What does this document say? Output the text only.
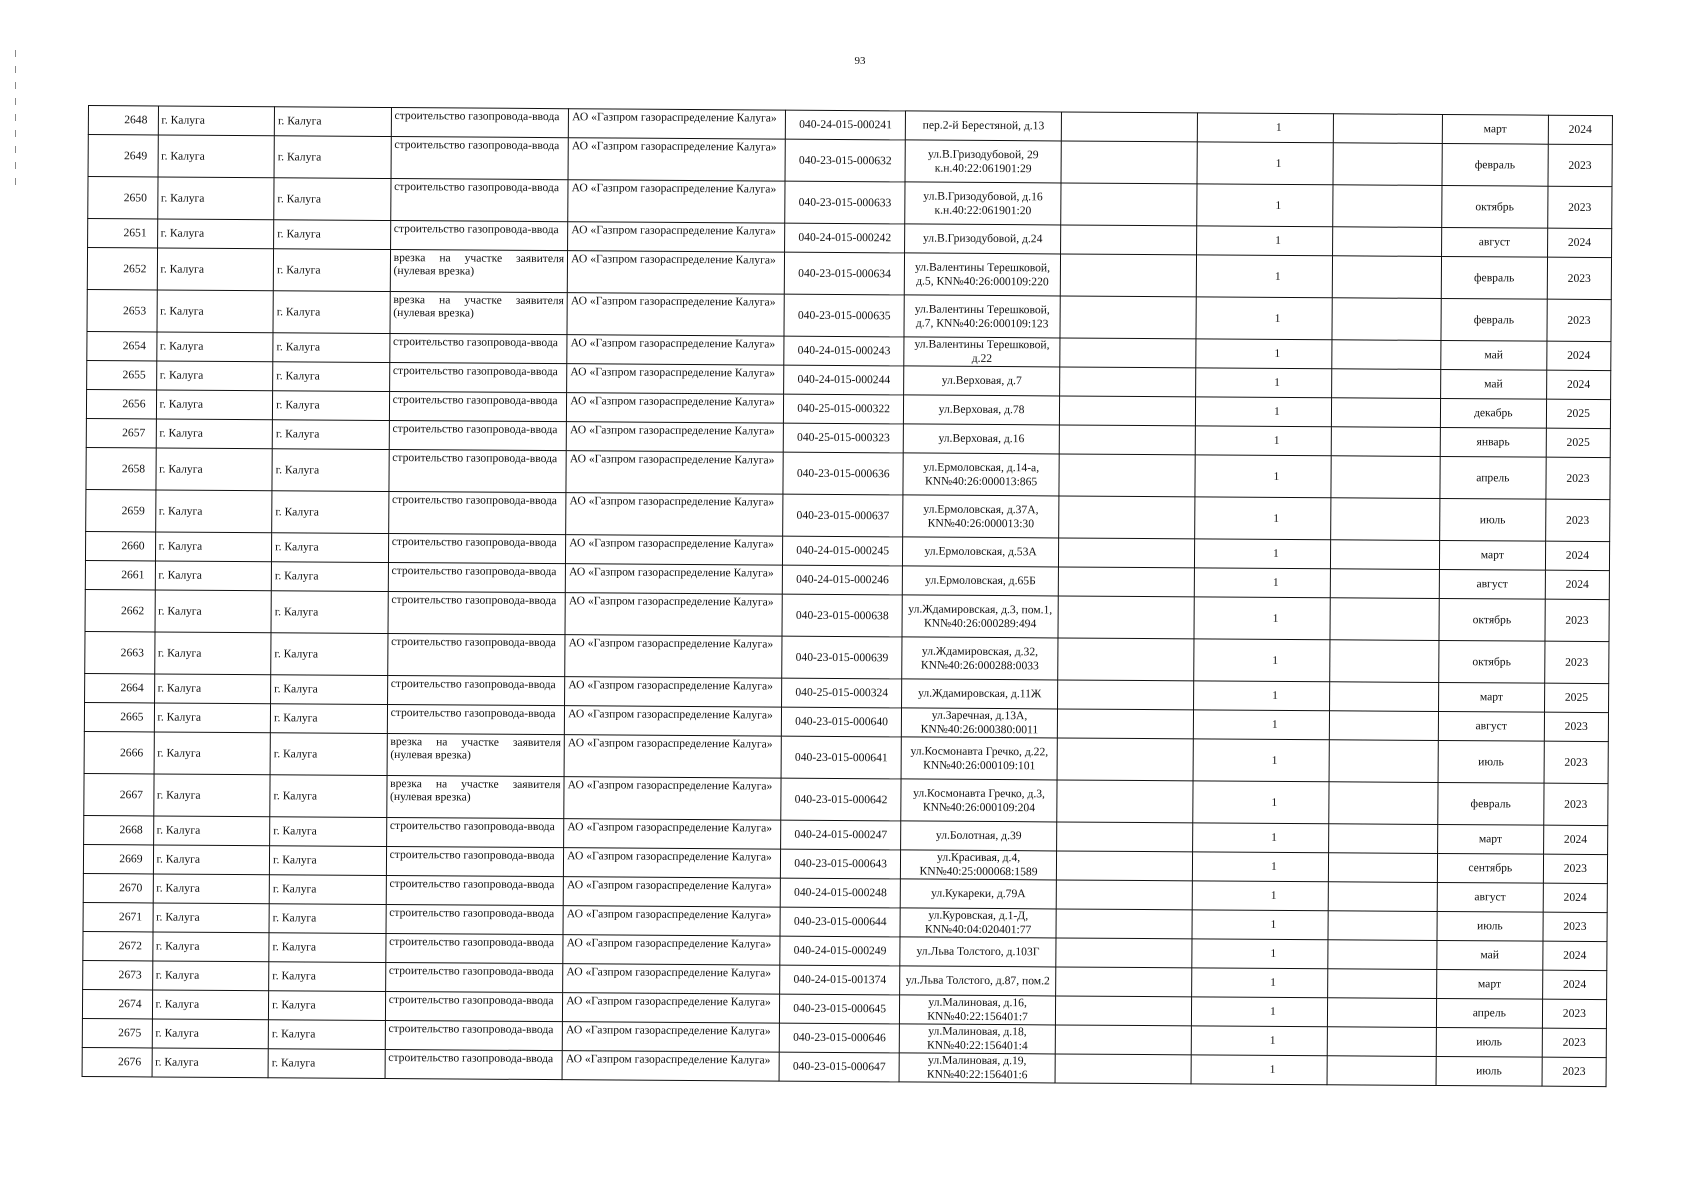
93
2648	г. Калуга	г. Калуга	строительство газопровода-ввода	АО «Газпром газораспределение Калуга»	040-24-015-000241	пер.2-й Берестяной, д.13		1		март	2024
2649	г. Калуга	г. Калуга	строительство газопровода-ввода	АО «Газпром газораспределение Калуга»	040-23-015-000632	ул.В.Гризодубовой, 29 к.н.40:22:061901:29		1		февраль	2023
2650	г. Калуга	г. Калуга	строительство газопровода-ввода	АО «Газпром газораспределение Калуга»	040-23-015-000633	ул.В.Гризодубовой, д.16 к.н.40:22:061901:20		1		октябрь	2023
2651	г. Калуга	г. Калуга	строительство газопровода-ввода	АО «Газпром газораспределение Калуга»	040-24-015-000242	ул.В.Гризодубовой, д.24		1		август	2024
2652	г. Калуга	г. Калуга	врезка на участке заявителя (нулевая врезка)	АО «Газпром газораспределение Калуга»	040-23-015-000634	ул.Валентины Терешковой, д.5, КN№40:26:000109:220		1		февраль	2023
2653	г. Калуга	г. Калуга	врезка на участке заявителя (нулевая врезка)	АО «Газпром газораспределение Калуга»	040-23-015-000635	ул.Валентины Терешковой, д.7, КN№40:26:000109:123		1		февраль	2023
2654	г. Калуга	г. Калуга	строительство газопровода-ввода	АО «Газпром газораспределение Калуга»	040-24-015-000243	ул.Валентины Терешковой, д.22		1		май	2024
2655	г. Калуга	г. Калуга	строительство газопровода-ввода	АО «Газпром газораспределение Калуга»	040-24-015-000244	ул.Верховая, д.7		1		май	2024
2656	г. Калуга	г. Калуга	строительство газопровода-ввода	АО «Газпром газораспределение Калуга»	040-25-015-000322	ул.Верховая, д.78		1		декабрь	2025
2657	г. Калуга	г. Калуга	строительство газопровода-ввода	АО «Газпром газораспределение Калуга»	040-25-015-000323	ул.Верховая, д.16		1		январь	2025
2658	г. Калуга	г. Калуга	строительство газопровода-ввода	АО «Газпром газораспределение Калуга»	040-23-015-000636	ул.Ермоловская, д.14-а, КN№40:26:000013:865		1		апрель	2023
2659	г. Калуга	г. Калуга	строительство газопровода-ввода	АО «Газпром газораспределение Калуга»	040-23-015-000637	ул.Ермоловская, д.37А, КN№40:26:000013:30		1		июль	2023
2660	г. Калуга	г. Калуга	строительство газопровода-ввода	АО «Газпром газораспределение Калуга»	040-24-015-000245	ул.Ермоловская, д.53А		1		март	2024
2661	г. Калуга	г. Калуга	строительство газопровода-ввода	АО «Газпром газораспределение Калуга»	040-24-015-000246	ул.Ермоловская, д.65Б		1		август	2024
2662	г. Калуга	г. Калуга	строительство газопровода-ввода	АО «Газпром газораспределение Калуга»	040-23-015-000638	ул.Ждамировская, д.3, пом.1, КN№40:26:000289:494		1		октябрь	2023
2663	г. Калуга	г. Калуга	строительство газопровода-ввода	АО «Газпром газораспределение Калуга»	040-23-015-000639	ул.Ждамировская, д.32, КN№40:26:000288:0033		1		октябрь	2023
2664	г. Калуга	г. Калуга	строительство газопровода-ввода	АО «Газпром газораспределение Калуга»	040-25-015-000324	ул.Ждамировская, д.11Ж		1		март	2025
2665	г. Калуга	г. Калуга	строительство газопровода-ввода	АО «Газпром газораспределение Калуга»	040-23-015-000640	ул.Заречная, д.13А, КN№40:26:000380:0011		1		август	2023
2666	г. Калуга	г. Калуга	врезка на участке заявителя (нулевая врезка)	АО «Газпром газораспределение Калуга»	040-23-015-000641	ул.Космонавта Гречко, д.22, КN№40:26:000109:101		1		июль	2023
2667	г. Калуга	г. Калуга	врезка на участке заявителя (нулевая врезка)	АО «Газпром газораспределение Калуга»	040-23-015-000642	ул.Космонавта Гречко, д.3, КN№40:26:000109:204		1		февраль	2023
2668	г. Калуга	г. Калуга	строительство газопровода-ввода	АО «Газпром газораспределение Калуга»	040-24-015-000247	ул.Болотная, д.39		1		март	2024
2669	г. Калуга	г. Калуга	строительство газопровода-ввода	АО «Газпром газораспределение Калуга»	040-23-015-000643	ул.Красивая, д.4, КN№40:25:000068:1589		1		сентябрь	2023
2670	г. Калуга	г. Калуга	строительство газопровода-ввода	АО «Газпром газораспределение Калуга»	040-24-015-000248	ул.Кукареки, д.79А		1		август	2024
2671	г. Калуга	г. Калуга	строительство газопровода-ввода	АО «Газпром газораспределение Калуга»	040-23-015-000644	ул.Куровская, д.1-Д, КN№40:04:020401:77		1		июль	2023
2672	г. Калуга	г. Калуга	строительство газопровода-ввода	АО «Газпром газораспределение Калуга»	040-24-015-000249	ул.Льва Толстого, д.103Г		1		май	2024
2673	г. Калуга	г. Калуга	строительство газопровода-ввода	АО «Газпром газораспределение Калуга»	040-24-015-001374	ул.Льва Толстого, д.87, пом.2		1		март	2024
2674	г. Калуга	г. Калуга	строительство газопровода-ввода	АО «Газпром газораспределение Калуга»	040-23-015-000645	ул.Малиновая, д.16, КN№40:22:156401:7		1		апрель	2023
2675	г. Калуга	г. Калуга	строительство газопровода-ввода	АО «Газпром газораспределение Калуга»	040-23-015-000646	ул.Малиновая, д.18, КN№40:22:156401:4		1		июль	2023
2676	г. Калуга	г. Калуга	строительство газопровода-ввода	АО «Газпром газораспределение Калуга»	040-23-015-000647	ул.Малиновая, д.19, КN№40:22:156401:6		1		июль	2023
